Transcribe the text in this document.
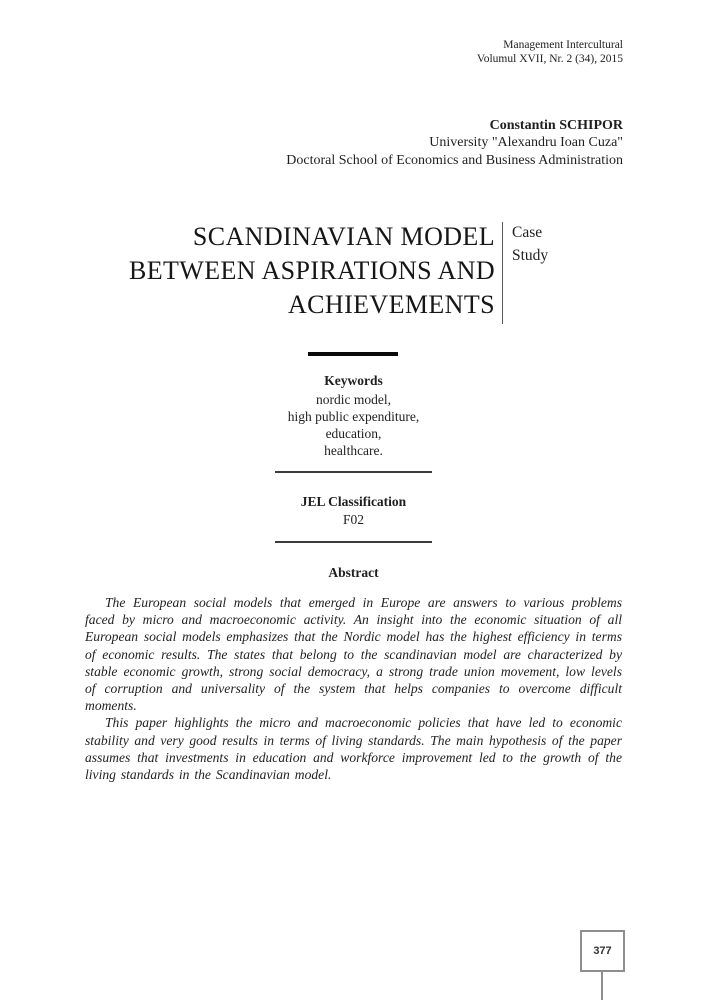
Management Intercultural
Volumul XVII, Nr. 2 (34), 2015
Constantin SCHIPOR
University "Alexandru Ioan Cuza"
Doctoral School of Economics and Business Administration
SCANDINAVIAN MODEL
BETWEEN ASPIRATIONS AND
ACHIEVEMENTS
Case
Study
Keywords
nordic model,
high public expenditure,
education,
healthcare.
JEL Classification
F02
Abstract

The European social models that emerged in Europe are answers to various problems faced by micro and macroeconomic activity. An insight into the economic situation of all European social models emphasizes that the Nordic model has the highest efficiency in terms of economic results. The states that belong to the scandinavian model are characterized by stable economic growth, strong social democracy, a strong trade union movement, low levels of corruption and universality of the system that helps companies to overcome difficult moments.

This paper highlights the micro and macroeconomic policies that have led to economic stability and very good results in terms of living standards. The main hypothesis of the paper assumes that investments in education and workforce improvement led to the growth of the living standards in the Scandinavian model.

377
